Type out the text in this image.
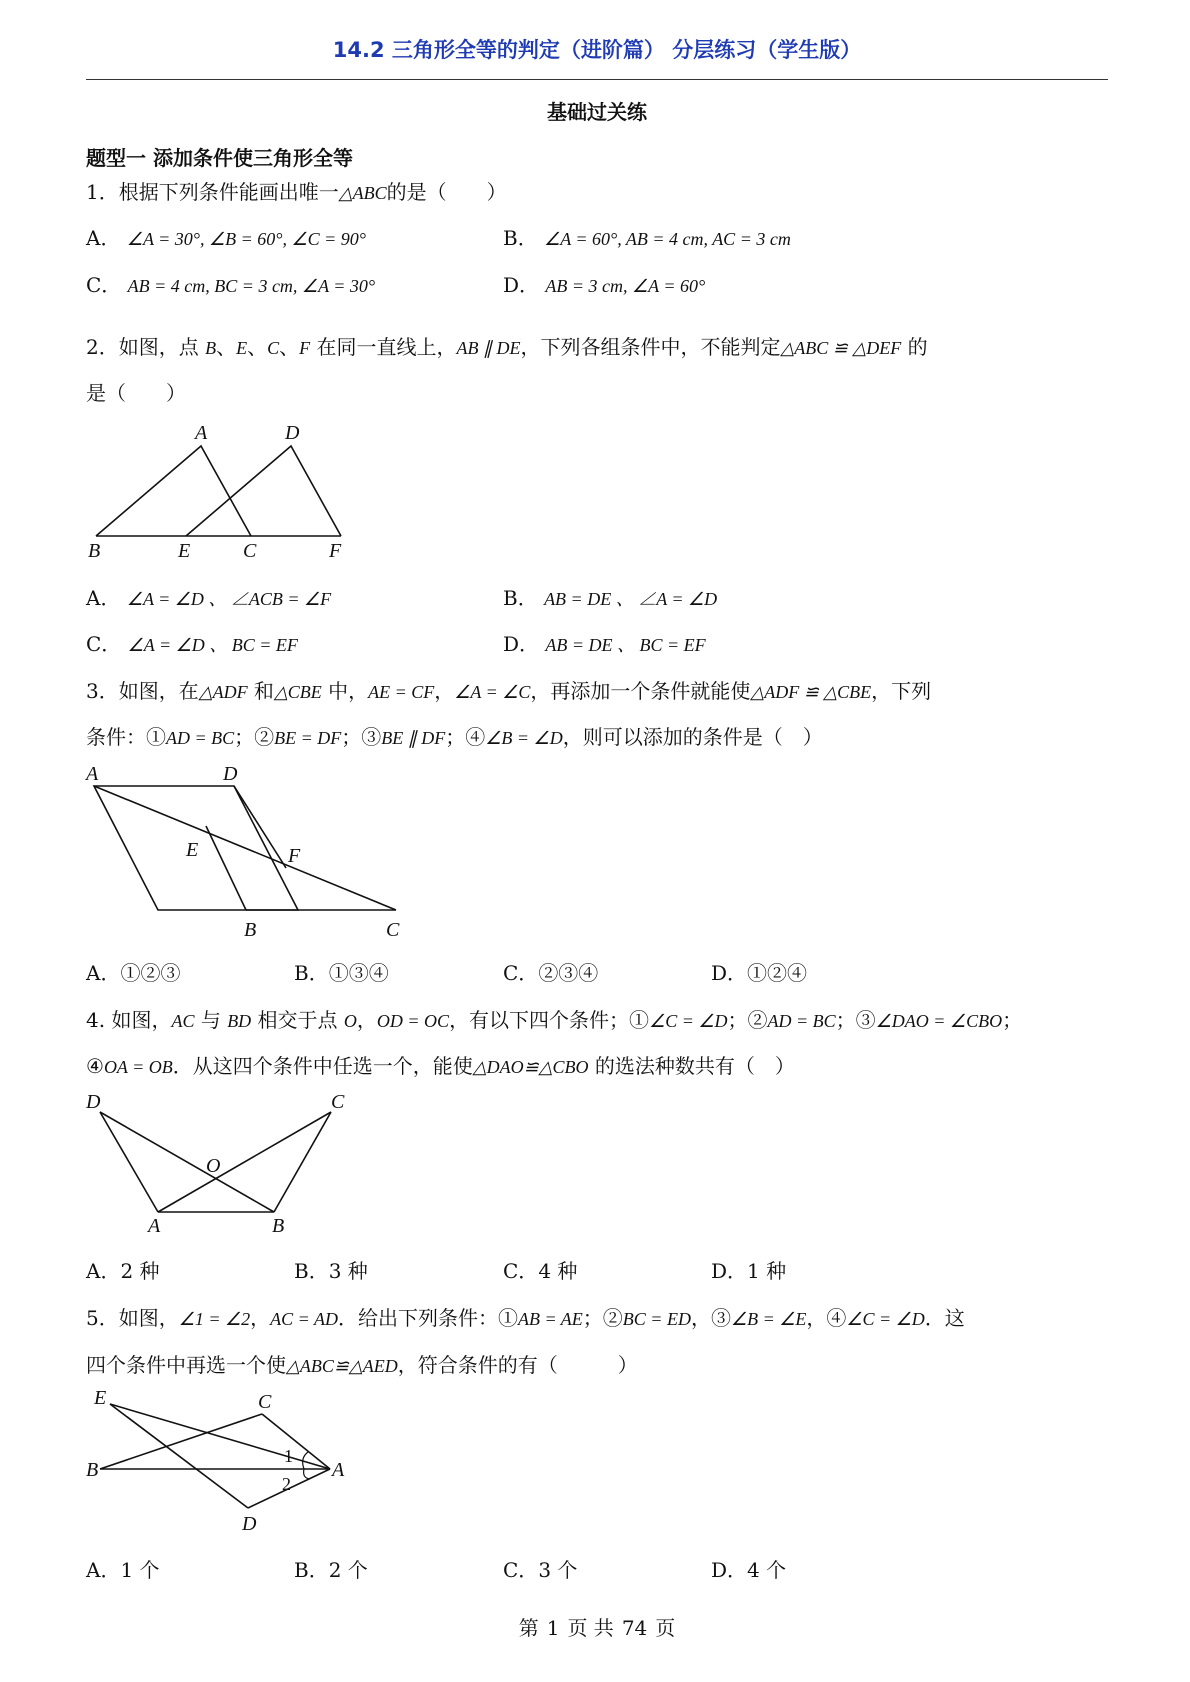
14.2 三角形全等的判定（进阶篇） 分层练习（学生版）
基础过关练
题型一 添加条件使三角形全等
1．根据下列条件能画出唯一△ABC的是（　　）
A． ∠A = 30°, ∠B = 60°, ∠C = 90°	B． ∠A = 60°, AB = 4 cm, AC = 3 cm
C． AB = 4 cm, BC = 3 cm, ∠A = 30°	D． AB = 3 cm, ∠A = 60°
2．如图，点 B、E、C、F 在同一直线上，AB ∥ DE，下列各组条件中，不能判定△ABC ≌ △DEF 的
是（　　）
A	D
B	E	C	F
A． ∠A = ∠D 、 ∠ACB = ∠F	B． AB = DE 、 ∠A = ∠D
C． ∠A = ∠D 、 BC = EF	D． AB = DE 、 BC = EF
3．如图，在△ADF 和△CBE 中，AE = CF，∠A = ∠C，再添加一个条件就能使△ADF ≌ △CBE，下列
条件：①AD = BC；②BE = DF；③BE ∥ DF；④∠B = ∠D，则可以添加的条件是（　）
A	D
E	F
B	C
A．①②③	B．①③④	C．②③④	D．①②④
4. 如图，AC 与 BD 相交于点 O，OD = OC，有以下四个条件；①∠C = ∠D；②AD = BC；③∠DAO = ∠CBO；
④OA = OB．从这四个条件中任选一个，能使△DAO≌△CBO 的选法种数共有（　）
D	C
O
A	B
A．2 种	B．3 种	C．4 种	D．1 种
5．如图，∠1 = ∠2，AC = AD．给出下列条件：①AB = AE；②BC = ED，③∠B = ∠E，④∠C = ∠D．这
四个条件中再选一个使△ABC≌△AED，符合条件的有（　　　）
E	C
B	A
D
1
2
A．1 个	B．2 个	C．3 个	D．4 个
第 1 页 共 74 页
